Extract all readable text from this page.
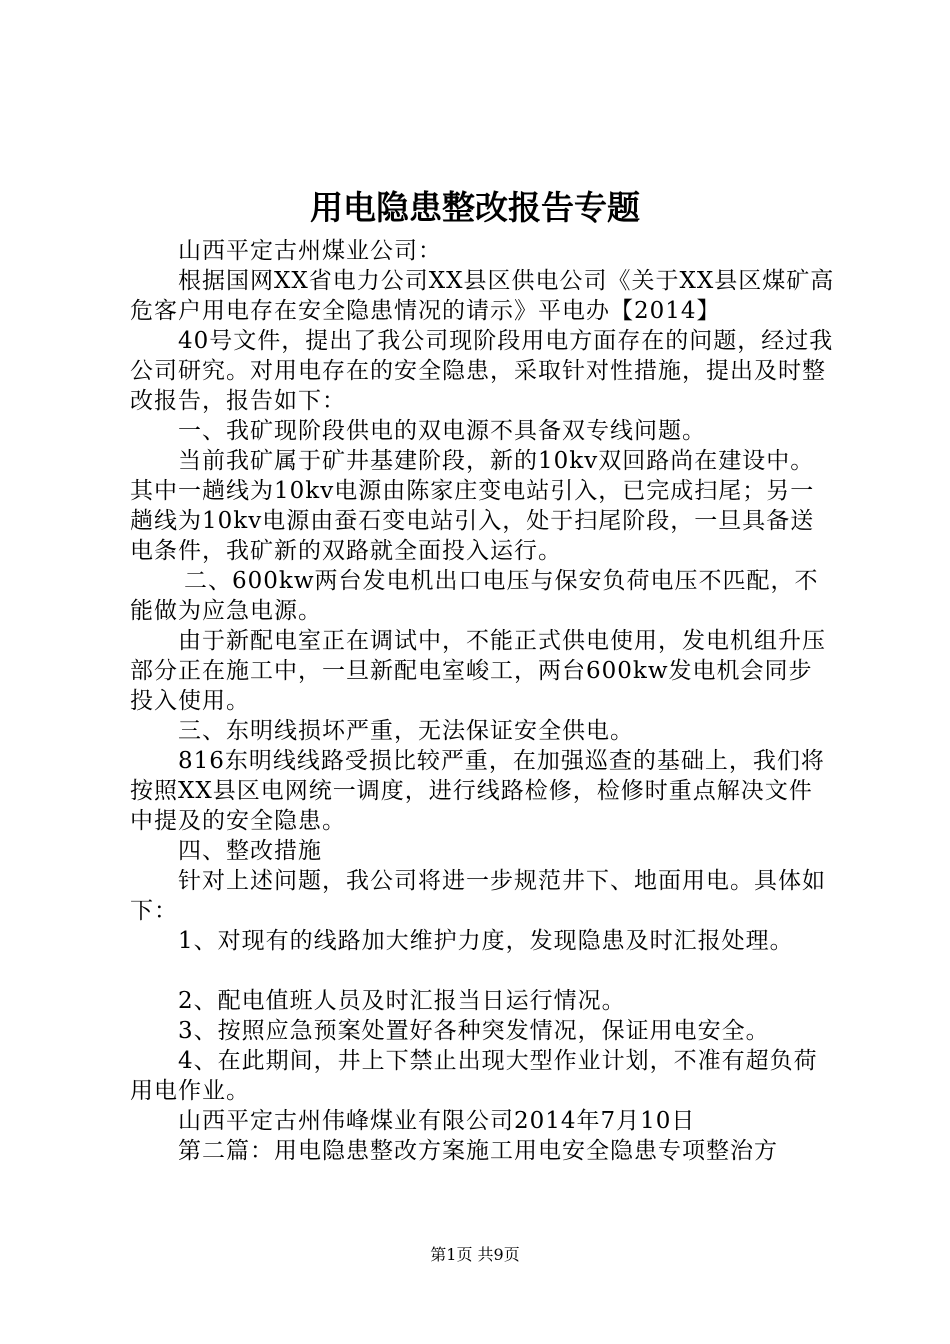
用电隐患整改报告专题

山西平定古州煤业公司：

根据国网XX省电力公司XX县区供电公司《关于XX县区煤矿高危客户用电存在安全隐患情况的请示》平电办【2014】

40号文件，提出了我公司现阶段用电方面存在的问题，经过我公司研究。对用电存在的安全隐患，采取针对性措施，提出及时整改报告，报告如下：

一、我矿现阶段供电的双电源不具备双专线问题。

当前我矿属于矿井基建阶段，新的10kv双回路尚在建设中。其中一趟线为10kv电源由陈家庄变电站引入，已完成扫尾；另一趟线为10kv电源由蚕石变电站引入，处于扫尾阶段，一旦具备送电条件，我矿新的双路就全面投入运行。

二、600kw两台发电机出口电压与保安负荷电压不匹配，不能做为应急电源。

由于新配电室正在调试中，不能正式供电使用，发电机组升压部分正在施工中，一旦新配电室峻工，两台600kw发电机会同步投入使用。

三、东明线损坏严重，无法保证安全供电。

816东明线线路受损比较严重，在加强巡查的基础上，我们将按照XX县区电网统一调度，进行线路检修，检修时重点解决文件中提及的安全隐患。

四、整改措施

针对上述问题，我公司将进一步规范井下、地面用电。具体如下：

1、对现有的线路加大维护力度，发现隐患及时汇报处理。

2、配电值班人员及时汇报当日运行情况。

3、按照应急预案处置好各种突发情况，保证用电安全。

4、在此期间，井上下禁止出现大型作业计划，不准有超负荷用电作业。

山西平定古州伟峰煤业有限公司2014年7月10日

第二篇：用电隐患整改方案施工用电安全隐患专项整治方

第1页 共9页
